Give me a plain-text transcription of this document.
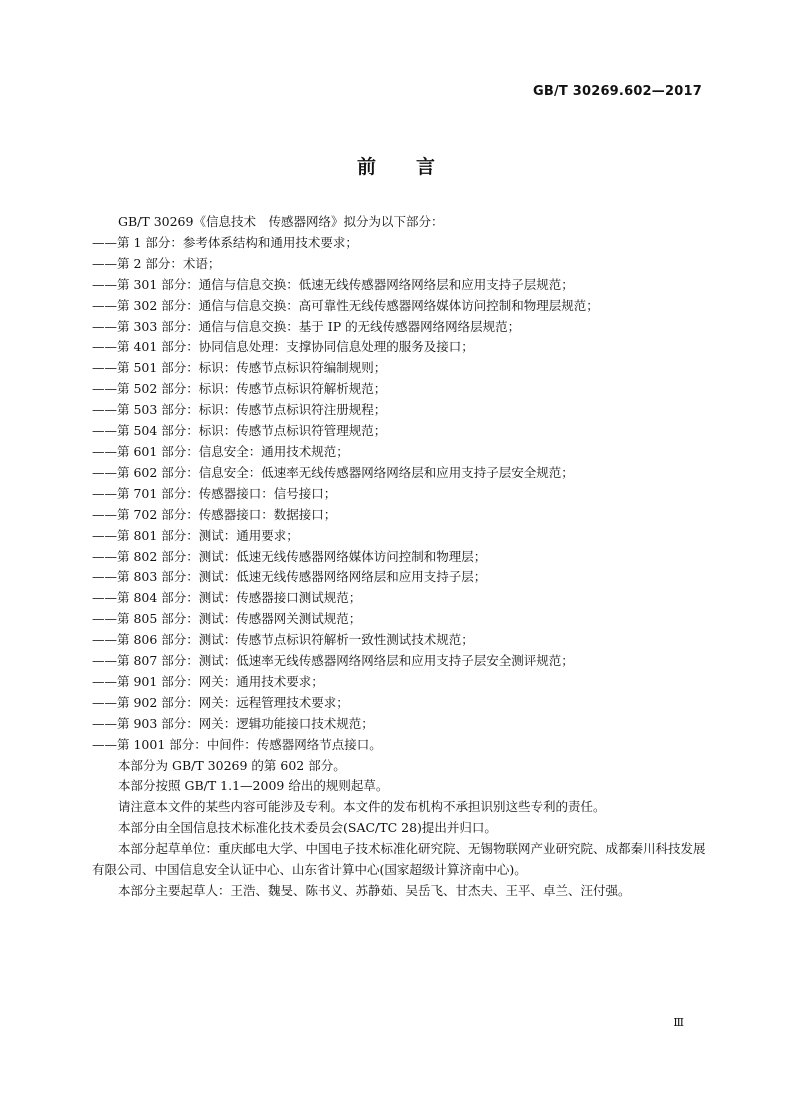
GB/T 30269.602—2017
前言
GB/T 30269《信息技术　传感器网络》拟分为以下部分：
——第 1 部分：参考体系结构和通用技术要求；
——第 2 部分：术语；
——第 301 部分：通信与信息交换：低速无线传感器网络网络层和应用支持子层规范；
——第 302 部分：通信与信息交换：高可靠性无线传感器网络媒体访问控制和物理层规范；
——第 303 部分：通信与信息交换：基于 IP 的无线传感器网络网络层规范；
——第 401 部分：协同信息处理：支撑协同信息处理的服务及接口；
——第 501 部分：标识：传感节点标识符编制规则；
——第 502 部分：标识：传感节点标识符解析规范；
——第 503 部分：标识：传感节点标识符注册规程；
——第 504 部分：标识：传感节点标识符管理规范；
——第 601 部分：信息安全：通用技术规范；
——第 602 部分：信息安全：低速率无线传感器网络网络层和应用支持子层安全规范；
——第 701 部分：传感器接口：信号接口；
——第 702 部分：传感器接口：数据接口；
——第 801 部分：测试：通用要求；
——第 802 部分：测试：低速无线传感器网络媒体访问控制和物理层；
——第 803 部分：测试：低速无线传感器网络网络层和应用支持子层；
——第 804 部分：测试：传感器接口测试规范；
——第 805 部分：测试：传感器网关测试规范；
——第 806 部分：测试：传感节点标识符解析一致性测试技术规范；
——第 807 部分：测试：低速率无线传感器网络网络层和应用支持子层安全测评规范；
——第 901 部分：网关：通用技术要求；
——第 902 部分：网关：远程管理技术要求；
——第 903 部分：网关：逻辑功能接口技术规范；
——第 1001 部分：中间件：传感器网络节点接口。
本部分为 GB/T 30269 的第 602 部分。
本部分按照 GB/T 1.1—2009 给出的规则起草。
请注意本文件的某些内容可能涉及专利。本文件的发布机构不承担识别这些专利的责任。
本部分由全国信息技术标准化技术委员会(SAC/TC 28)提出并归口。
本部分起草单位：重庆邮电大学、中国电子技术标准化研究院、无锡物联网产业研究院、成都秦川科技发展有限公司、中国信息安全认证中心、山东省计算中心(国家超级计算济南中心)。
本部分主要起草人：王浩、魏旻、陈书义、苏静茹、吴岳飞、甘杰夫、王平、卓兰、汪付强。
Ⅲ
